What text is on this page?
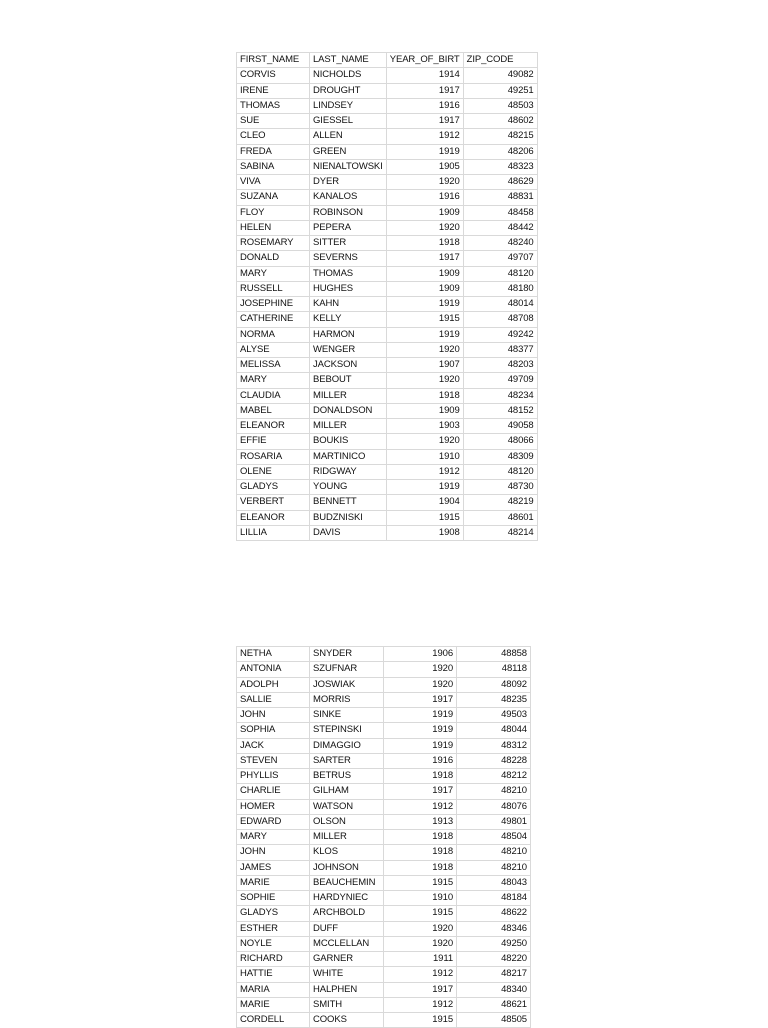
FIRST_NAME	LAST_NAME	YEAR_OF_BIRT	ZIP_CODE
CORVIS	NICHOLDS	1914	49082
IRENE	DROUGHT	1917	49251
THOMAS	LINDSEY	1916	48503
SUE	GIESSEL	1917	48602
CLEO	ALLEN	1912	48215
FREDA	GREEN	1919	48206
SABINA	NIENALTOWSKI	1905	48323
VIVA	DYER	1920	48629
SUZANA	KANALOS	1916	48831
FLOY	ROBINSON	1909	48458
HELEN	PEPERA	1920	48442
ROSEMARY	SITTER	1918	48240
DONALD	SEVERNS	1917	49707
MARY	THOMAS	1909	48120
RUSSELL	HUGHES	1909	48180
JOSEPHINE	KAHN	1919	48014
CATHERINE	KELLY	1915	48708
NORMA	HARMON	1919	49242
ALYSE	WENGER	1920	48377
MELISSA	JACKSON	1907	48203
MARY	BEBOUT	1920	49709
CLAUDIA	MILLER	1918	48234
MABEL	DONALDSON	1909	48152
ELEANOR	MILLER	1903	49058
EFFIE	BOUKIS	1920	48066
ROSARIA	MARTINICO	1910	48309
OLENE	RIDGWAY	1912	48120
GLADYS	YOUNG	1919	48730
VERBERT	BENNETT	1904	48219
ELEANOR	BUDZNISKI	1915	48601
LILLIA	DAVIS	1908	48214
NETHA	SNYDER	1906	48858
ANTONIA	SZUFNAR	1920	48118
ADOLPH	JOSWIAK	1920	48092
SALLIE	MORRIS	1917	48235
JOHN	SINKE	1919	49503
SOPHIA	STEPINSKI	1919	48044
JACK	DIMAGGIO	1919	48312
STEVEN	SARTER	1916	48228
PHYLLIS	BETRUS	1918	48212
CHARLIE	GILHAM	1917	48210
HOMER	WATSON	1912	48076
EDWARD	OLSON	1913	49801
MARY	MILLER	1918	48504
JOHN	KLOS	1918	48210
JAMES	JOHNSON	1918	48210
MARIE	BEAUCHEMIN	1915	48043
SOPHIE	HARDYNIEC	1910	48184
GLADYS	ARCHBOLD	1915	48622
ESTHER	DUFF	1920	48346
NOYLE	MCCLELLAN	1920	49250
RICHARD	GARNER	1911	48220
HATTIE	WHITE	1912	48217
MARIA	HALPHEN	1917	48340
MARIE	SMITH	1912	48621
CORDELL	COOKS	1915	48505
